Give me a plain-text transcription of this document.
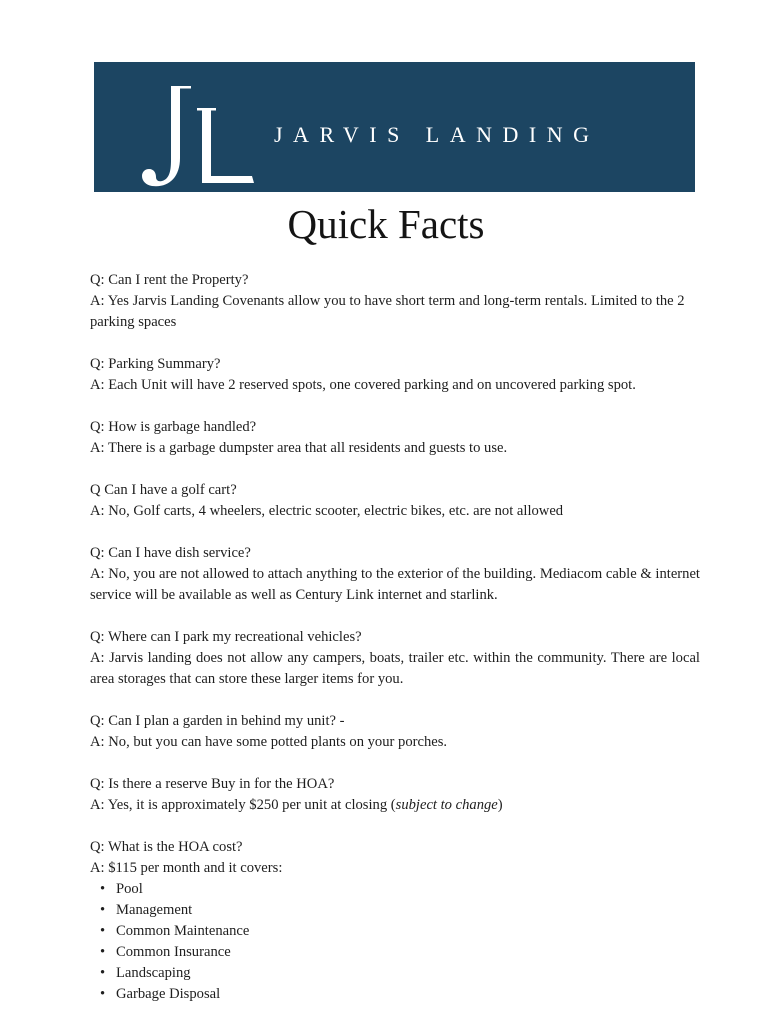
JARVIS LANDING
Quick Facts
Q: Can I rent the Property?
A: Yes Jarvis Landing Covenants allow you to have short term and long-term rentals. Limited to the 2 parking spaces
Q: Parking Summary?
A: Each Unit will have 2 reserved spots, one covered parking and on uncovered parking spot.
Q: How is garbage handled?
A: There is a garbage dumpster area that all residents and guests to use.
Q Can I have a golf cart?
A: No, Golf carts, 4 wheelers, electric scooter, electric bikes, etc. are not allowed
Q: Can I have dish service?
A: No, you are not allowed to attach anything to the exterior of the building. Mediacom cable & internet service will be available as well as Century Link internet and starlink.
Q: Where can I park my recreational vehicles?
A: Jarvis landing does not allow any campers, boats, trailer etc. within the community. There are local area storages that can store these larger items for you.
Q: Can I plan a garden in behind my unit? -
A: No, but you can have some potted plants on your porches.
Q: Is there a reserve Buy in for the HOA?
A: Yes, it is approximately $250 per unit at closing (subject to change)
Q: What is the HOA cost?
A: $115 per month and it covers:
• Pool
• Management
• Common Maintenance
• Common Insurance
• Landscaping
• Garbage Disposal
